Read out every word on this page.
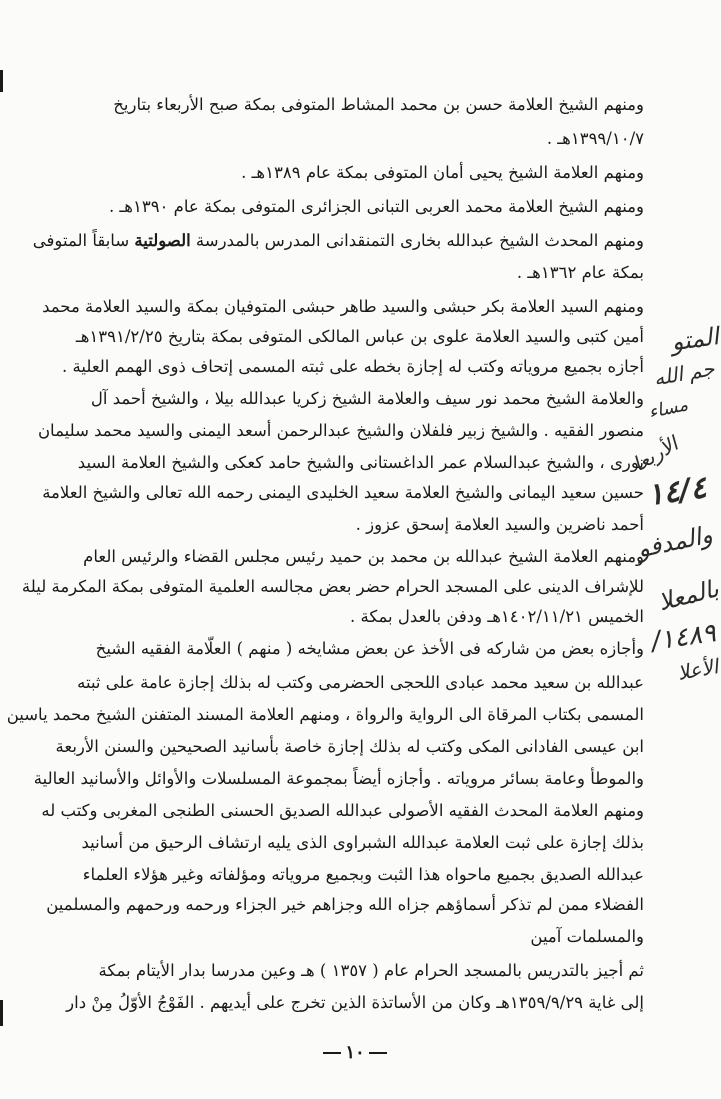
ومنهم الشيخ العلامة حسن بن محمد المشاط المتوفى بمكة صبح الأربعاء بتاريخ
١٣٩٩/١٠/٧هـ .
ومنهم العلامة الشيخ يحيى أمان المتوفى بمكة عام ١٣٨٩هـ .
ومنهم الشيخ العلامة محمد العربى التبانى الجزائرى المتوفى بمكة عام ١٣٩٠هـ .
ومنهم المحدث الشيخ عبدالله بخارى التمنقدانى المدرس بالمدرسة الصولتية سابقاً المتوفى
بمكة عام ١٣٦٢هـ .
ومنهم السيد العلامة بكر حبشى والسيد طاهر حبشى المتوفيان بمكة والسيد العلامة محمد
أمين كتبى والسيد العلامة علوى بن عباس المالكى المتوفى بمكة بتاريخ ١٣٩١/٢/٢٥هـ
أجازه بجميع مروياته وكتب له إجازة بخطه على ثبته المسمى إتحاف ذوى الهمم العلية .
والعلامة الشيخ محمد نور سيف والعلامة الشيخ زكريا عبدالله بيلا ، والشيخ أحمد آل
منصور الفقيه . والشيخ زبير فلفلان والشيخ عبدالرحمن أسعد اليمنى والسيد محمد سليمان
نورى ، والشيخ عبدالسلام عمر الداغستانى والشيخ حامد كعكى والشيخ العلامة السيد
حسين سعيد اليمانى والشيخ العلامة سعيد الخليدى اليمنى رحمه الله تعالى والشيخ العلامة
أحمد ناضرين والسيد العلامة إسحق عزوز .
ومنهم العلامة الشيخ عبدالله بن محمد بن حميد رئيس مجلس القضاء والرئيس العام
للإشراف الدينى على المسجد الحرام حضر بعض مجالسه العلمية المتوفى بمكة المكرمة ليلة
الخميس ١٤٠٢/١١/٢١هـ ودفن بالعدل بمكة .
وأجازه بعض من شاركه فى الأخذ عن بعض مشايخه ( منهم ) العلّامة الفقيه الشيخ
عبدالله بن سعيد محمد عبادى اللحجى الحضرمى وكتب له بذلك إجازة عامة على ثبته
المسمى بكتاب المرقاة الى الرواية والرواة ، ومنهم العلامة المسند المتفنن الشيخ محمد ياسين
ابن عيسى الفادانى المكى وكتب له بذلك إجازة خاصة بأسانيد الصحيحين والسنن الأربعة
والموطأ وعامة بسائر مروياته . وأجازه أيضاً بمجموعة المسلسلات والأوائل والأسانيد العالية
ومنهم العلامة المحدث الفقيه الأصولى عبدالله الصديق الحسنى الطنجى المغربى وكتب له
بذلك إجازة على ثبت العلامة عبدالله الشبراوى الذى يليه ارتشاف الرحيق من أسانيد
عبدالله الصديق بجميع ماحواه هذا الثبت وبجميع مروياته ومؤلفاته وغير هؤلاء العلماء
الفضلاء ممن لم تذكر أسماؤهم جزاه الله وجزاهم خير الجزاء ورحمه ورحمهم والمسلمين
والمسلمات آمين
ثم أجيز بالتدريس بالمسجد الحرام عام ( ١٣٥٧ ) هـ وعين مدرسا بدار الأيتام بمكة
إلى غاية ١٣٥٩/٩/٢٩هـ وكان من الأساتذة الذين تخرج على أيديهم . الفَوْجُ الأوّلُ مِنْ دار
المتو
جم الله
مساء
الأربعا
١٤/٤
والمدفو
بالمعلا
١٤٨٩/
الأعلا
١٠
